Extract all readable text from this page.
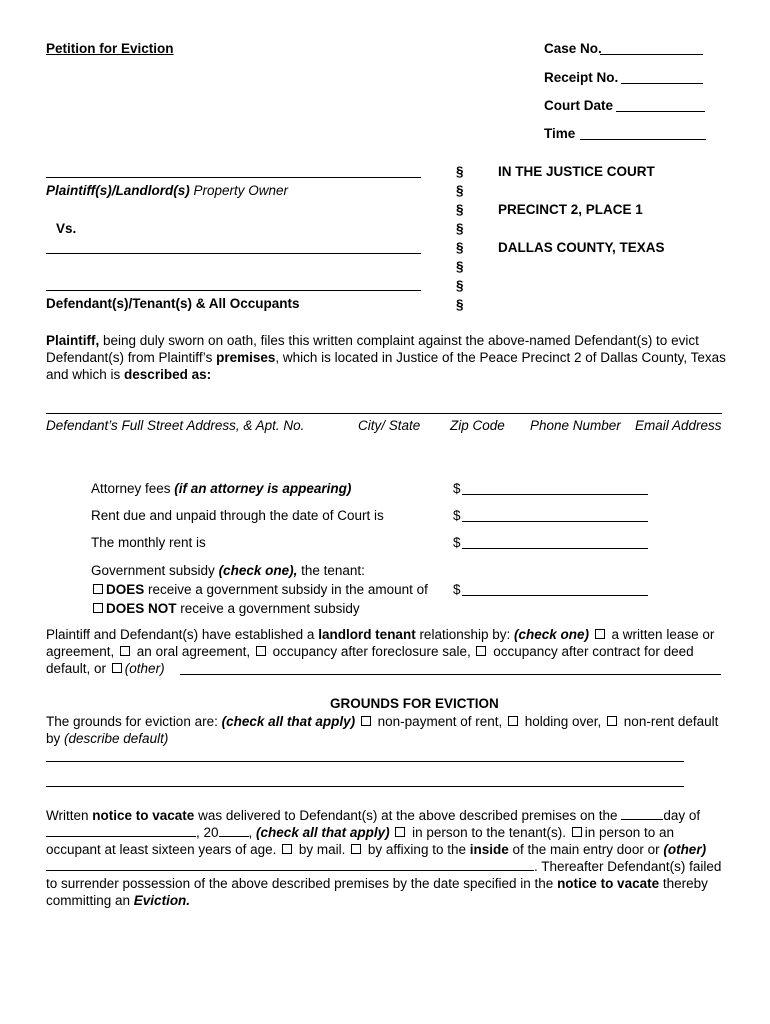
Petition for Eviction	Case No.
Receipt No.
Court Date
Time
Plaintiff(s)/Landlord(s) Property Owner
Vs.
Defendant(s)/Tenant(s) & All Occupants
§
§
§
§
§
§
§
§
IN THE JUSTICE COURT
PRECINCT 2, PLACE 1
DALLAS COUNTY, TEXAS
Plaintiff, being duly sworn on oath, files this written complaint against the above-named Defendant(s) to evict Defendant(s) from Plaintiff’s premises, which is located in Justice of the Peace Precinct 2 of Dallas County, Texas and which is described as:
Defendant’s Full Street Address, & Apt. No.	City/ State Zip Code Phone Number Email Address
Attorney fees (if an attorney is appearing)	$
Rent due and unpaid through the date of Court is	$
The monthly rent is	$
Government subsidy (check one), the tenant:
DOES receive a government subsidy in the amount of $
DOES NOT receive a government subsidy
Plaintiff and Defendant(s) have established a landlord tenant relationship by: (check one)  a written lease or agreement,  an oral agreement,  occupancy after foreclosure sale,  occupancy after contract for deed default, or (other)
GROUNDS FOR EVICTION
The grounds for eviction are: (check all that apply)  non-payment of rent,  holding over,  non-rent default by (describe default)
Written notice to vacate was delivered to Defendant(s) at the above described premises on the	day of , 20 , (check all that apply)  in person to the tenant(s). in person to an occupant at least sixteen years of age.  by mail.  by affixing to the inside of the main entry door or (other) . Thereafter Defendant(s) failed to surrender possession of the above described premises by the date specified in the notice to vacate thereby committing an Eviction.
